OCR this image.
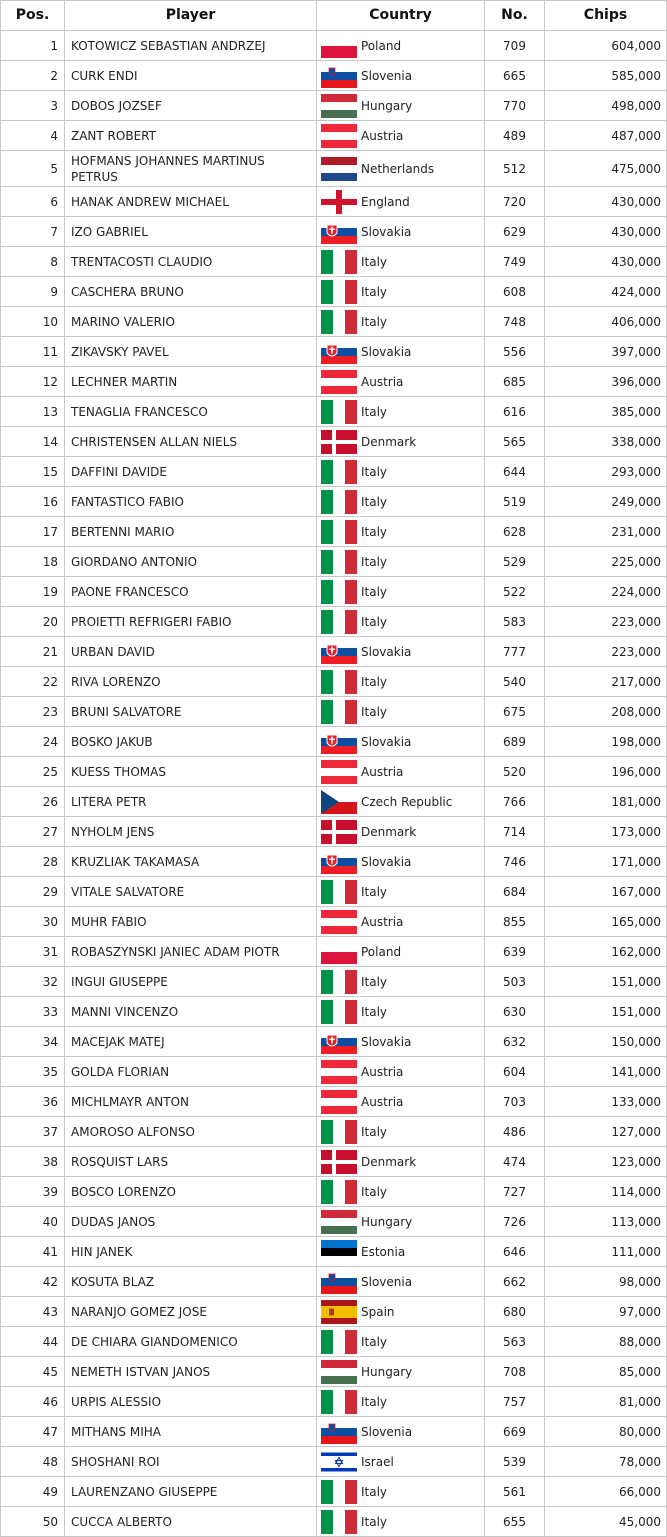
Pos.	Player	Country	No.	Chips
1	KOTOWICZ SEBASTIAN ANDRZEJ	Poland	709	604,000
2	CURK ENDI	Slovenia	665	585,000
3	DOBOS JOZSEF	Hungary	770	498,000
4	ZANT ROBERT	Austria	489	487,000
5	HOFMANS JOHANNES MARTINUS PETRUS	Netherlands	512	475,000
6	HANAK ANDREW MICHAEL	England	720	430,000
7	IZO GABRIEL	Slovakia	629	430,000
8	TRENTACOSTI CLAUDIO	Italy	749	430,000
9	CASCHERA BRUNO	Italy	608	424,000
10	MARINO VALERIO	Italy	748	406,000
11	ZIKAVSKY PAVEL	Slovakia	556	397,000
12	LECHNER MARTIN	Austria	685	396,000
13	TENAGLIA FRANCESCO	Italy	616	385,000
14	CHRISTENSEN ALLAN NIELS	Denmark	565	338,000
15	DAFFINI DAVIDE	Italy	644	293,000
16	FANTASTICO FABIO	Italy	519	249,000
17	BERTENNI MARIO	Italy	628	231,000
18	GIORDANO ANTONIO	Italy	529	225,000
19	PAONE FRANCESCO	Italy	522	224,000
20	PROIETTI REFRIGERI FABIO	Italy	583	223,000
21	URBAN DAVID	Slovakia	777	223,000
22	RIVA LORENZO	Italy	540	217,000
23	BRUNI SALVATORE	Italy	675	208,000
24	BOSKO JAKUB	Slovakia	689	198,000
25	KUESS THOMAS	Austria	520	196,000
26	LITERA PETR	Czech Republic	766	181,000
27	NYHOLM JENS	Denmark	714	173,000
28	KRUZLIAK TAKAMASA	Slovakia	746	171,000
29	VITALE SALVATORE	Italy	684	167,000
30	MUHR FABIO	Austria	855	165,000
31	ROBASZYNSKI JANIEC ADAM PIOTR	Poland	639	162,000
32	INGUI GIUSEPPE	Italy	503	151,000
33	MANNI VINCENZO	Italy	630	151,000
34	MACEJAK MATEJ	Slovakia	632	150,000
35	GOLDA FLORIAN	Austria	604	141,000
36	MICHLMAYR ANTON	Austria	703	133,000
37	AMOROSO ALFONSO	Italy	486	127,000
38	ROSQUIST LARS	Denmark	474	123,000
39	BOSCO LORENZO	Italy	727	114,000
40	DUDAS JANOS	Hungary	726	113,000
41	HIN JANEK	Estonia	646	111,000
42	KOSUTA BLAZ	Slovenia	662	98,000
43	NARANJO GOMEZ JOSE	Spain	680	97,000
44	DE CHIARA GIANDOMENICO	Italy	563	88,000
45	NEMETH ISTVAN JANOS	Hungary	708	85,000
46	URPIS ALESSIO	Italy	757	81,000
47	MITHANS MIHA	Slovenia	669	80,000
48	SHOSHANI ROI	Israel	539	78,000
49	LAURENZANO GIUSEPPE	Italy	561	66,000
50	CUCCA ALBERTO	Italy	655	45,000
